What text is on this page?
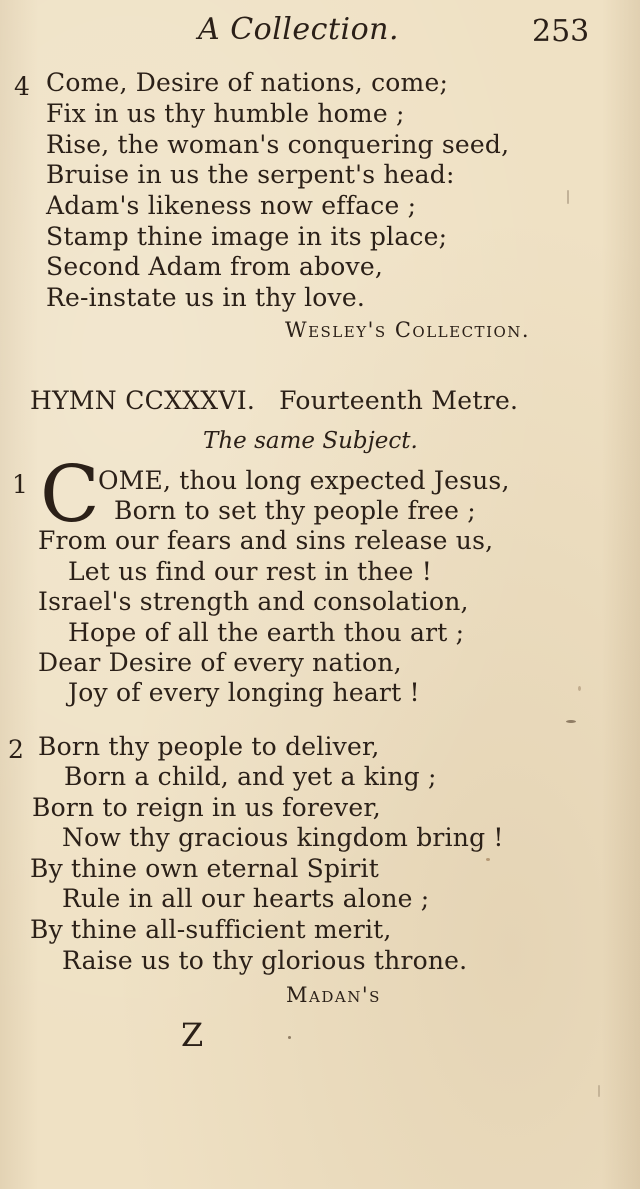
A Collection.	253
4 Come, Desire of nations, come;
Fix in us thy humble home ;
Rise, the woman's conquering seed,
Bruise in us the serpent's head:
Adam's likeness now efface ;
Stamp thine image in its place;
Second Adam from above,
Re-instate us in thy love.
Wesley's Collection.
HYMN CCXXXVI. Fourteenth Metre.
The same Subject.
1 C
OME, thou long expected Jesus,
Born to set thy people free ;
From our fears and sins release us,
Let us find our rest in thee !
Israel's strength and consolation,
Hope of all the earth thou art ;
Dear Desire of every nation,
Joy of every longing heart !
2 Born thy people to deliver,
Born a child, and yet a king ;
Born to reign in us forever,
Now thy gracious kingdom bring !
By thine own eternal Spirit
Rule in all our hearts alone ;
By thine all-sufficient merit,
Raise us to thy glorious throne.
Madan's
Z
